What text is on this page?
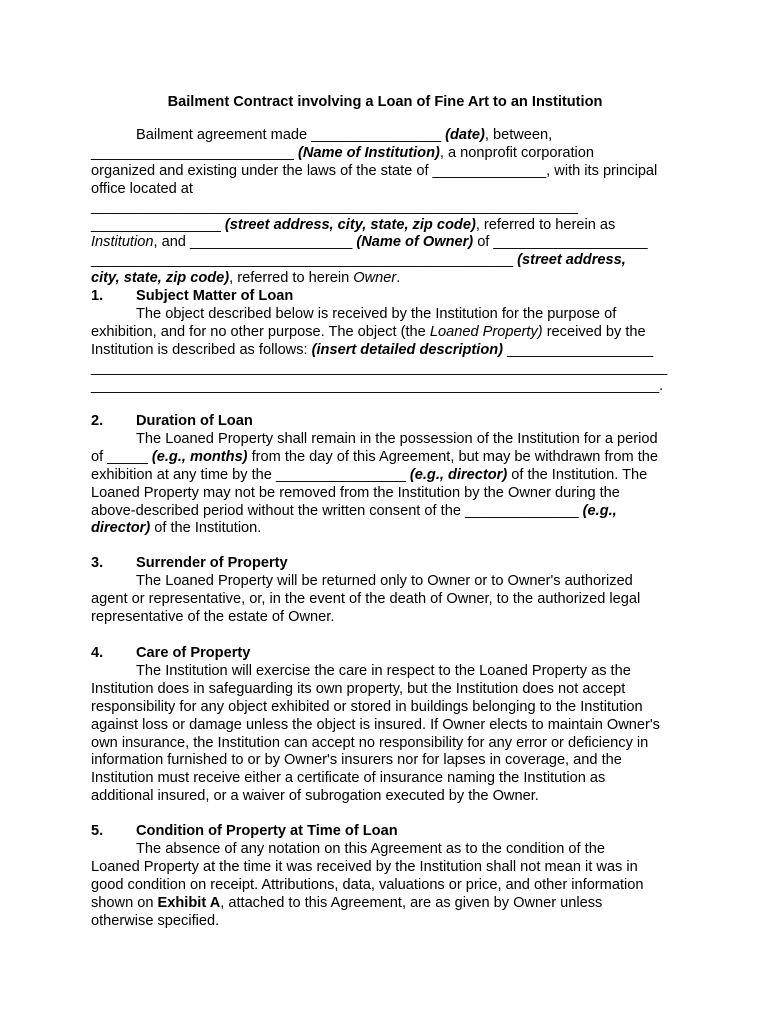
Bailment Contract involving a Loan of Fine Art to an Institution
Bailment agreement made ________________ (date), between,
_________________________ (Name of Institution), a nonprofit corporation
organized and existing under the laws of the state of ______________, with its principal
office located at ____________________________________________________________
________________ (street address, city, state, zip code), referred to herein as
Institution, and ____________________ (Name of Owner) of ___________________
____________________________________________________ (street address,
city, state, zip code), referred to herein Owner.
1. Subject Matter of Loan
The object described below is received by the Institution for the purpose of
exhibition, and for no other purpose. The object (the Loaned Property) received by the
Institution is described as follows: (insert detailed description) __________________
_______________________________________________________________________
______________________________________________________________________.
2. Duration of Loan
The Loaned Property shall remain in the possession of the Institution for a period
of _____ (e.g., months) from the day of this Agreement, but may be withdrawn from the
exhibition at any time by the ________________ (e.g., director) of the Institution. The
Loaned Property may not be removed from the Institution by the Owner during the
above-described period without the written consent of the ______________ (e.g.,
director) of the Institution.
3. Surrender of Property
The Loaned Property will be returned only to Owner or to Owner's authorized
agent or representative, or, in the event of the death of Owner, to the authorized legal
representative of the estate of Owner.
4. Care of Property
The Institution will exercise the care in respect to the Loaned Property as the
Institution does in safeguarding its own property, but the Institution does not accept
responsibility for any object exhibited or stored in buildings belonging to the Institution
against loss or damage unless the object is insured. If Owner elects to maintain Owner's
own insurance, the Institution can accept no responsibility for any error or deficiency in
information furnished to or by Owner's insurers nor for lapses in coverage, and the
Institution must receive either a certificate of insurance naming the Institution as
additional insured, or a waiver of subrogation executed by the Owner.
5. Condition of Property at Time of Loan
The absence of any notation on this Agreement as to the condition of the
Loaned Property at the time it was received by the Institution shall not mean it was in
good condition on receipt. Attributions, data, valuations or price, and other information
shown on Exhibit A, attached to this Agreement, are as given by Owner unless
otherwise specified.
